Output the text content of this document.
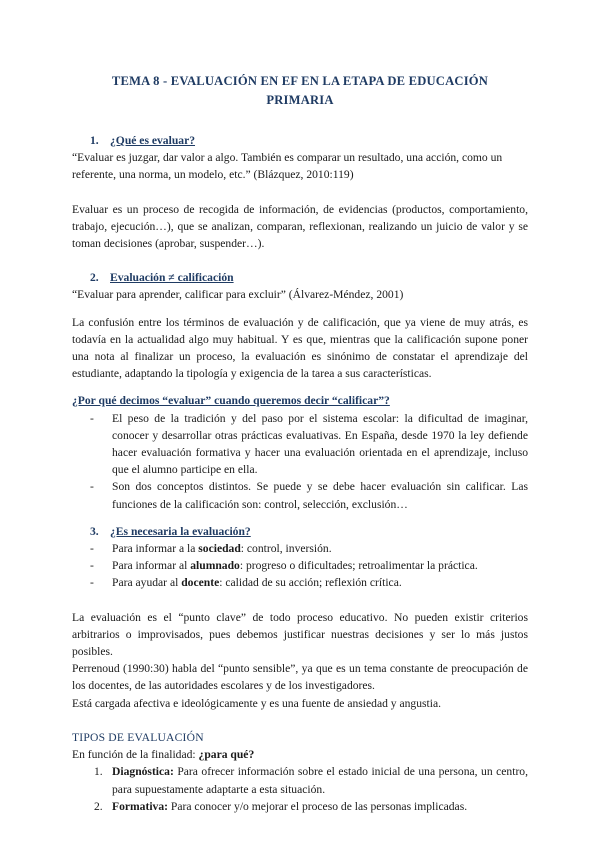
TEMA 8 - EVALUACIÓN EN EF EN LA ETAPA DE EDUCACIÓN PRIMARIA
1. ¿Qué es evaluar?

“Evaluar es juzgar, dar valor a algo. También es comparar un resultado, una acción, como un referente, una norma, un modelo, etc.” (Blázquez, 2010:119)

Evaluar es un proceso de recogida de información, de evidencias (productos, comportamiento, trabajo, ejecución…), que se analizan, comparan, reflexionan, realizando un juicio de valor y se toman decisiones (aprobar, suspender…).

2. Evaluación ≠ calificación

“Evaluar para aprender, calificar para excluir” (Álvarez-Méndez, 2001)

La confusión entre los términos de evaluación y de calificación, que ya viene de muy atrás, es todavía en la actualidad algo muy habitual. Y es que, mientras que la calificación supone poner una nota al finalizar un proceso, la evaluación es sinónimo de constatar el aprendizaje del estudiante, adaptando la tipología y exigencia de la tarea a sus características.

¿Por qué decimos “evaluar” cuando queremos decir “calificar”?

- El peso de la tradición y del paso por el sistema escolar: la dificultad de imaginar, conocer y desarrollar otras prácticas evaluativas. En España, desde 1970 la ley defiende hacer evaluación formativa y hacer una evaluación orientada en el aprendizaje, incluso que el alumno participe en ella.
- Son dos conceptos distintos. Se puede y se debe hacer evaluación sin calificar. Las funciones de la calificación son: control, selección, exclusión…
3. ¿Es necesaria la evaluación?
- Para informar a la sociedad: control, inversión.
- Para informar al alumnado: progreso o dificultades; retroalimentar la práctica.
- Para ayudar al docente: calidad de su acción; reflexión crítica.

La evaluación es el “punto clave” de todo proceso educativo. No pueden existir criterios arbitrarios o improvisados, pues debemos justificar nuestras decisiones y ser lo más justos posibles.

Perrenoud (1990:30) habla del “punto sensible”, ya que es un tema constante de preocupación de los docentes, de las autoridades escolares y de los investigadores.

Está cargada afectiva e ideológicamente y es una fuente de ansiedad y angustia.

TIPOS DE EVALUACIÓN

En función de la finalidad: ¿para qué?

1. Diagnóstica: Para ofrecer información sobre el estado inicial de una persona, un centro, para supuestamente adaptarte a esta situación.
2. Formativa: Para conocer y/o mejorar el proceso de las personas implicadas.
